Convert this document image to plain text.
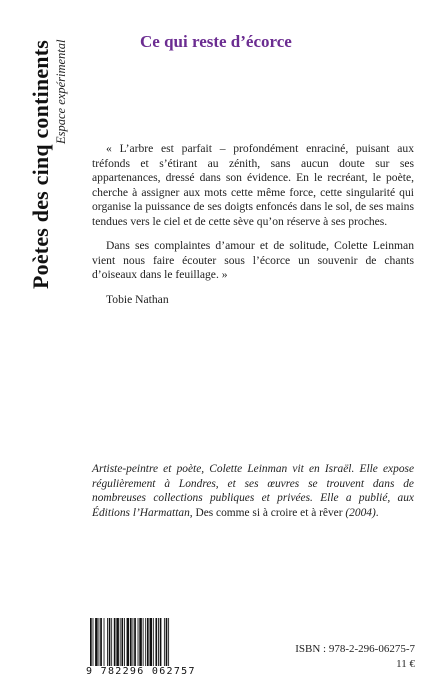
Poètes des cinq continents Espace expérimental	Ce qui reste d’écorce

« L’arbre est parfait – profondément enraciné, puisant aux tréfonds et s’étirant au zénith, sans aucun doute sur ses appartenances, dressé dans son évidence. En le recréant, le poète, cherche à assigner aux mots cette même force, cette singularité qui organise la puissance de ses doigts enfoncés dans le sol, de ses mains tendues vers le ciel et de cette sève qu’on réserve à ses proches.

Dans ses complaintes d’amour et de solitude, Colette Leinman vient nous faire écouter sous l’écorce un souvenir de chants d’oiseaux dans le feuillage. »

Tobie Nathan

Artiste-peintre et poète, Colette Leinman vit en Israël. Elle expose régulièrement à Londres, et ses œuvres se trouvent dans de nombreuses collections publiques et privées. Elle a publié, aux Éditions l’Harmattan, Des comme si à croire et à rêver (2004).
9 782296 062757
ISBN : 978-2-296-06275-7
11 €
